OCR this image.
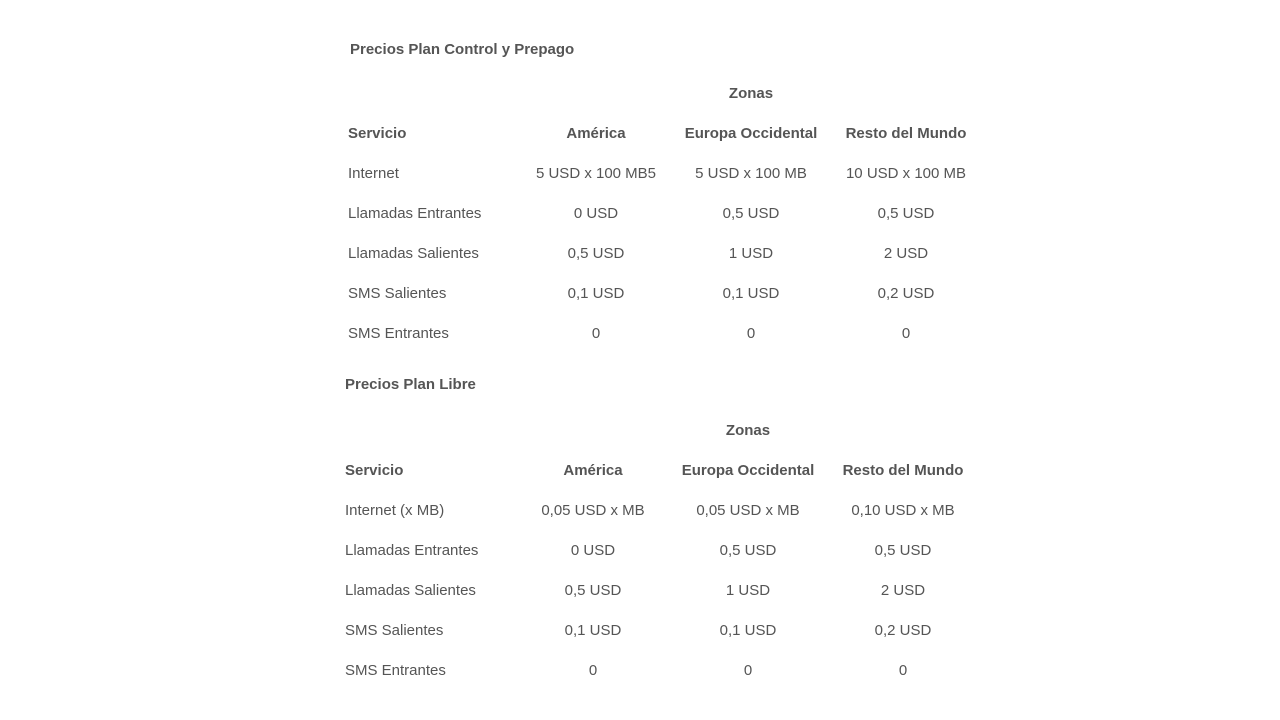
Precios Plan Control y Prepago
Zonas
Servicio	América	Europa Occidental	Resto del Mundo
Internet	5 USD x 100 MB5	5 USD x 100 MB	10 USD x 100 MB
Llamadas Entrantes	0 USD	0,5 USD	0,5 USD
Llamadas Salientes	0,5 USD	1 USD	2 USD
SMS Salientes	0,1 USD	0,1 USD	0,2 USD
SMS Entrantes	0	0	0
Precios Plan Libre
Zonas
Servicio	América	Europa Occidental	Resto del Mundo
Internet (x MB)	0,05 USD x MB	0,05 USD x MB	0,10 USD x MB
Llamadas Entrantes	0 USD	0,5 USD	0,5 USD
Llamadas Salientes	0,5 USD	1 USD	2 USD
SMS Salientes	0,1 USD	0,1 USD	0,2 USD
SMS Entrantes	0	0	0
